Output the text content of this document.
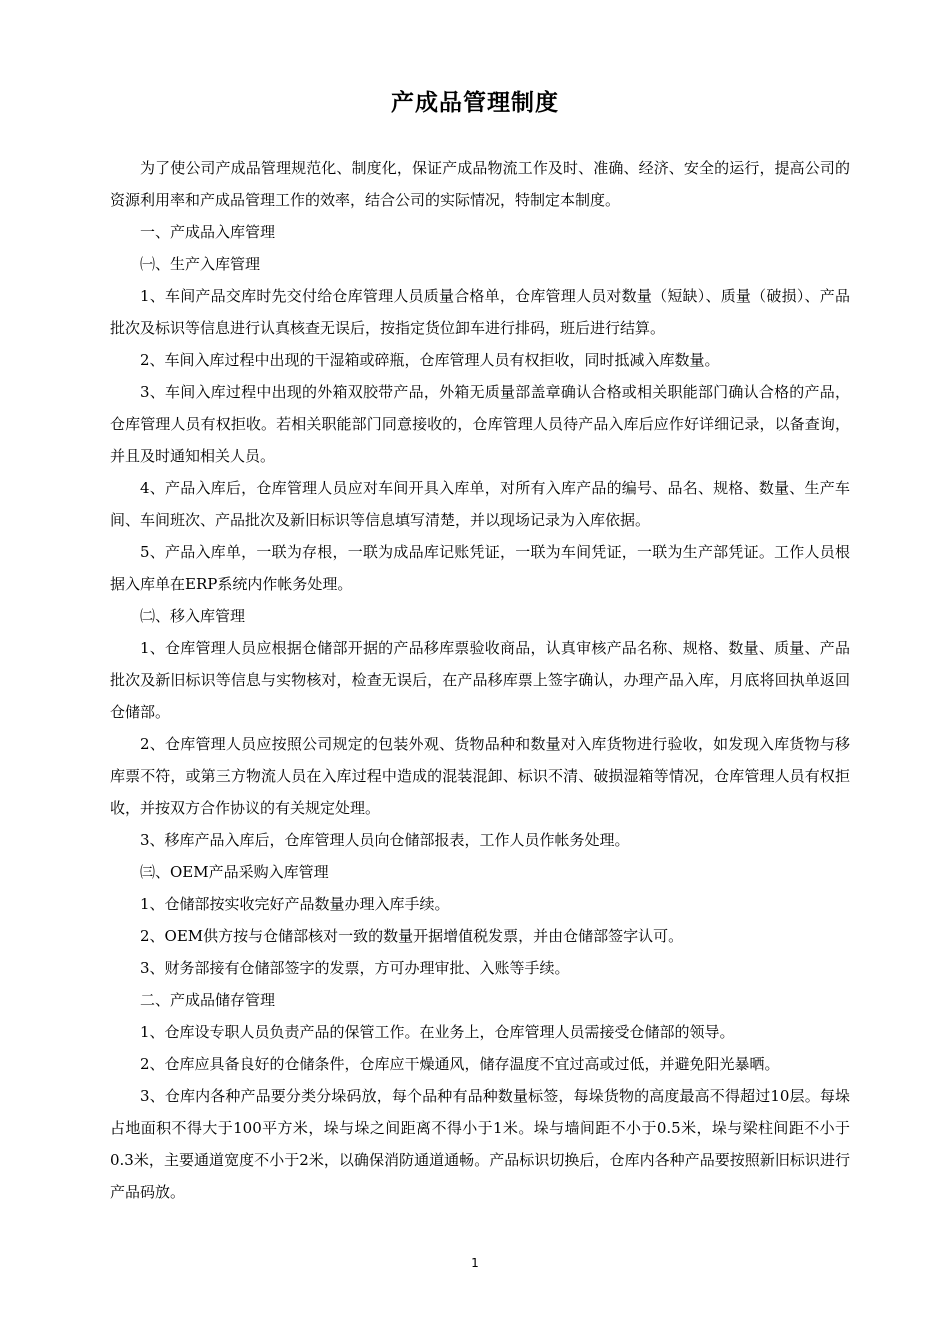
产成品管理制度

为了使公司产成品管理规范化、制度化，保证产成品物流工作及时、准确、经济、安全的运行，提高公司的资源利用率和产成品管理工作的效率，结合公司的实际情况，特制定本制度。

一、产成品入库管理

㈠、生产入库管理

1、车间产品交库时先交付给仓库管理人员质量合格单，仓库管理人员对数量（短缺）、质量（破损）、产品批次及标识等信息进行认真核查无误后，按指定货位卸车进行排码，班后进行结算。

2、车间入库过程中出现的干湿箱或碎瓶，仓库管理人员有权拒收，同时抵减入库数量。

3、车间入库过程中出现的外箱双胶带产品，外箱无质量部盖章确认合格或相关职能部门确认合格的产品，仓库管理人员有权拒收。若相关职能部门同意接收的，仓库管理人员待产品入库后应作好详细记录，以备查询，并且及时通知相关人员。

4、产品入库后，仓库管理人员应对车间开具入库单，对所有入库产品的编号、品名、规格、数量、生产车间、车间班次、产品批次及新旧标识等信息填写清楚，并以现场记录为入库依据。

5、产品入库单，一联为存根，一联为成品库记账凭证，一联为车间凭证，一联为生产部凭证。工作人员根据入库单在ERP系统内作帐务处理。

㈡、移入库管理

1、仓库管理人员应根据仓储部开据的产品移库票验收商品，认真审核产品名称、规格、数量、质量、产品批次及新旧标识等信息与实物核对，检查无误后，在产品移库票上签字确认，办理产品入库，月底将回执单返回仓储部。

2、仓库管理人员应按照公司规定的包装外观、货物品种和数量对入库货物进行验收，如发现入库货物与移库票不符，或第三方物流人员在入库过程中造成的混装混卸、标识不清、破损湿箱等情况，仓库管理人员有权拒收，并按双方合作协议的有关规定处理。

3、移库产品入库后，仓库管理人员向仓储部报表，工作人员作帐务处理。

㈢、OEM产品采购入库管理

1、仓储部按实收完好产品数量办理入库手续。

2、OEM供方按与仓储部核对一致的数量开据增值税发票，并由仓储部签字认可。

3、财务部接有仓储部签字的发票，方可办理审批、入账等手续。

二、产成品储存管理

1、仓库设专职人员负责产品的保管工作。在业务上，仓库管理人员需接受仓储部的领导。

2、仓库应具备良好的仓储条件，仓库应干燥通风，储存温度不宜过高或过低，并避免阳光暴晒。

3、仓库内各种产品要分类分垛码放，每个品种有品种数量标签，每垛货物的高度最高不得超过10层。每垛占地面积不得大于100平方米，垛与垛之间距离不得小于1米。垛与墙间距不小于0.5米，垛与梁柱间距不小于0.3米，主要通道宽度不小于2米，以确保消防通道通畅。产品标识切换后，仓库内各种产品要按照新旧标识进行产品码放。

1
